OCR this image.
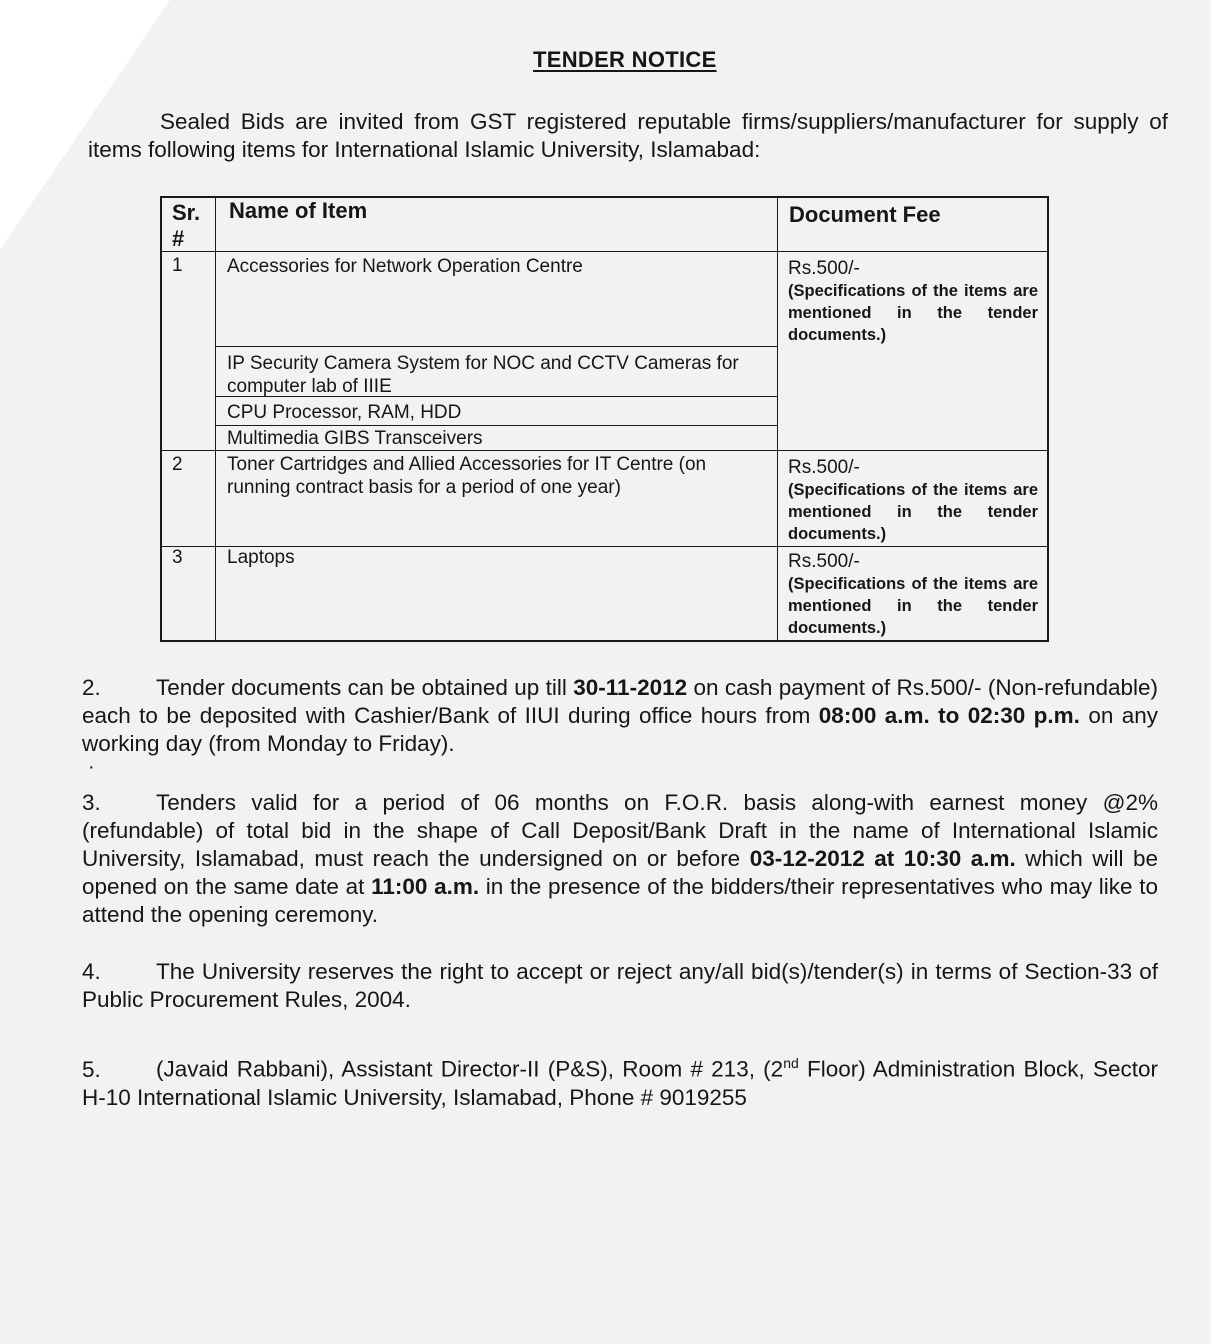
TENDER NOTICE
Sealed Bids are invited from GST registered reputable firms/suppliers/manufacturer for supply of items following items for International Islamic University, Islamabad:
Sr. #
Name of Item	Document Fee
1 Accessories for Network Operation Centre
IP Security Camera System for NOC and CCTV Cameras for computer lab of IIIE
CPU Processor, RAM, HDD
Multimedia GIBS Transceivers
Rs.500/-
(Specifications of the items are mentioned in the tender documents.)
2 Toner Cartridges and Allied Accessories for IT Centre (on running contract basis for a period of one year)
Rs.500/-
(Specifications of the items are mentioned in the tender documents.)
3 Laptops	Rs.500/-
(Specifications of the items are mentioned in the tender documents.)
2. Tender documents can be obtained up till 30-11-2012 on cash payment of Rs.500/- (Non-refundable) each to be deposited with Cashier/Bank of IIUI during office hours from 08:00 a.m. to 02:30 p.m. on any working day (from Monday to Friday).
·
3. Tenders valid for a period of 06 months on F.O.R. basis along-with earnest money @2% (refundable) of total bid in the shape of Call Deposit/Bank Draft in the name of International Islamic University, Islamabad, must reach the undersigned on or before 03-12-2012 at 10:30 a.m. which will be opened on the same date at 11:00 a.m. in the presence of the bidders/their representatives who may like to attend the opening ceremony.
4. The University reserves the right to accept or reject any/all bid(s)/tender(s) in terms of Section-33 of Public Procurement Rules, 2004.
5. (Javaid Rabbani), Assistant Director-II (P&S), Room # 213, (2nd Floor) Administration Block, Sector H-10 International Islamic University, Islamabad, Phone # 9019255
